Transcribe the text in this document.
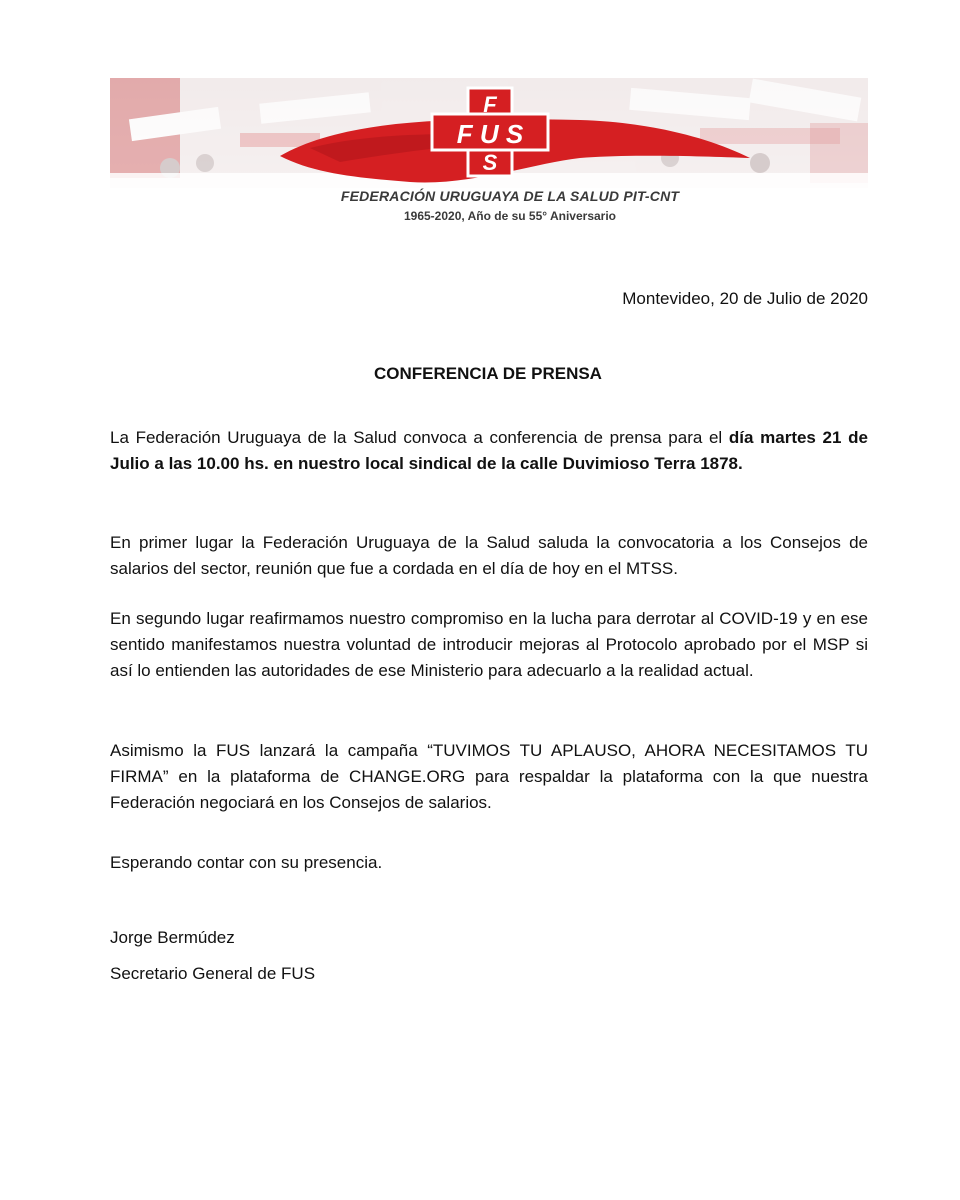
F
F U S
S
FEDERACIÓN URUGUAYA DE LA SALUD PIT-CNT
1965-2020, Año de su 55° Aniversario
Montevideo, 20 de Julio de 2020
CONFERENCIA DE PRENSA

La Federación Uruguaya de la Salud convoca a conferencia de prensa para el día martes 21 de Julio a las 10.00 hs. en nuestro local sindical de la calle Duvimioso Terra 1878.

En primer lugar la Federación Uruguaya de la Salud saluda la convocatoria a los Consejos de salarios del sector, reunión que fue a cordada en el día de hoy en el MTSS.

En segundo lugar reafirmamos nuestro compromiso en la lucha para derrotar al COVID-19 y en ese sentido manifestamos nuestra voluntad de introducir mejoras al Protocolo aprobado por el MSP si así lo entienden las autoridades de ese Ministerio para adecuarlo a la realidad actual.

Asimismo la FUS lanzará la campaña “TUVIMOS TU APLAUSO, AHORA NECESITAMOS TU FIRMA” en la plataforma de CHANGE.ORG para respaldar la plataforma con la que nuestra Federación negociará en los Consejos de salarios.

Esperando contar con su presencia.
Jorge Bermúdez
Secretario General de FUS
